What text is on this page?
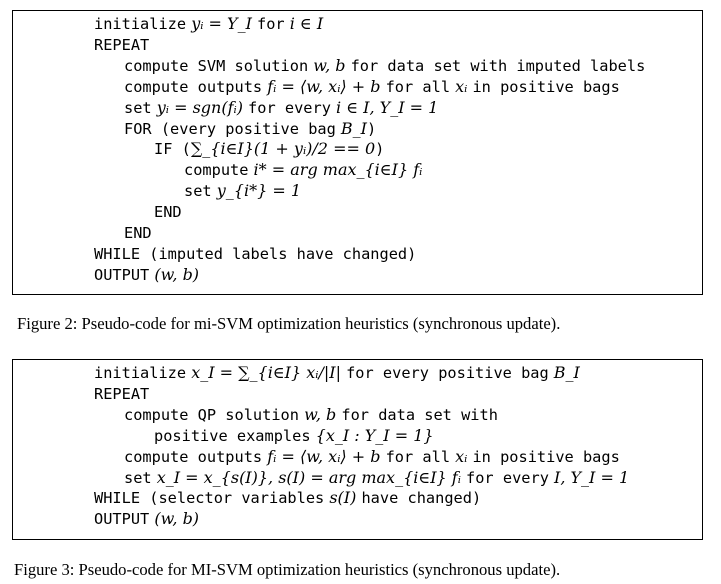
initialize yᵢ = Y_I for i ∈ I
REPEAT
compute SVM solution w, b for data set with imputed labels
compute outputs fᵢ = ⟨w, xᵢ⟩ + b for all xᵢ in positive bags
set yᵢ = sgn(fᵢ) for every i ∈ I, Y_I = 1
FOR (every positive bag B_I)
IF (∑_{i∈I}(1 + yᵢ)/2 == 0)
compute i* = arg max_{i∈I} fᵢ
set y_{i*} = 1
END
END
WHILE (imputed labels have changed)
OUTPUT (w, b)
Figure 2: Pseudo-code for mi-SVM optimization heuristics (synchronous update).
initialize x_I = ∑_{i∈I} xᵢ/|I| for every positive bag B_I
REPEAT
compute QP solution w, b for data set with
positive examples {x_I : Y_I = 1}
compute outputs fᵢ = ⟨w, xᵢ⟩ + b for all xᵢ in positive bags
set x_I = x_{s(I)}, s(I) = arg max_{i∈I} fᵢ for every I, Y_I = 1
WHILE (selector variables s(I) have changed)
OUTPUT (w, b)
Figure 3: Pseudo-code for MI-SVM optimization heuristics (synchronous update).
